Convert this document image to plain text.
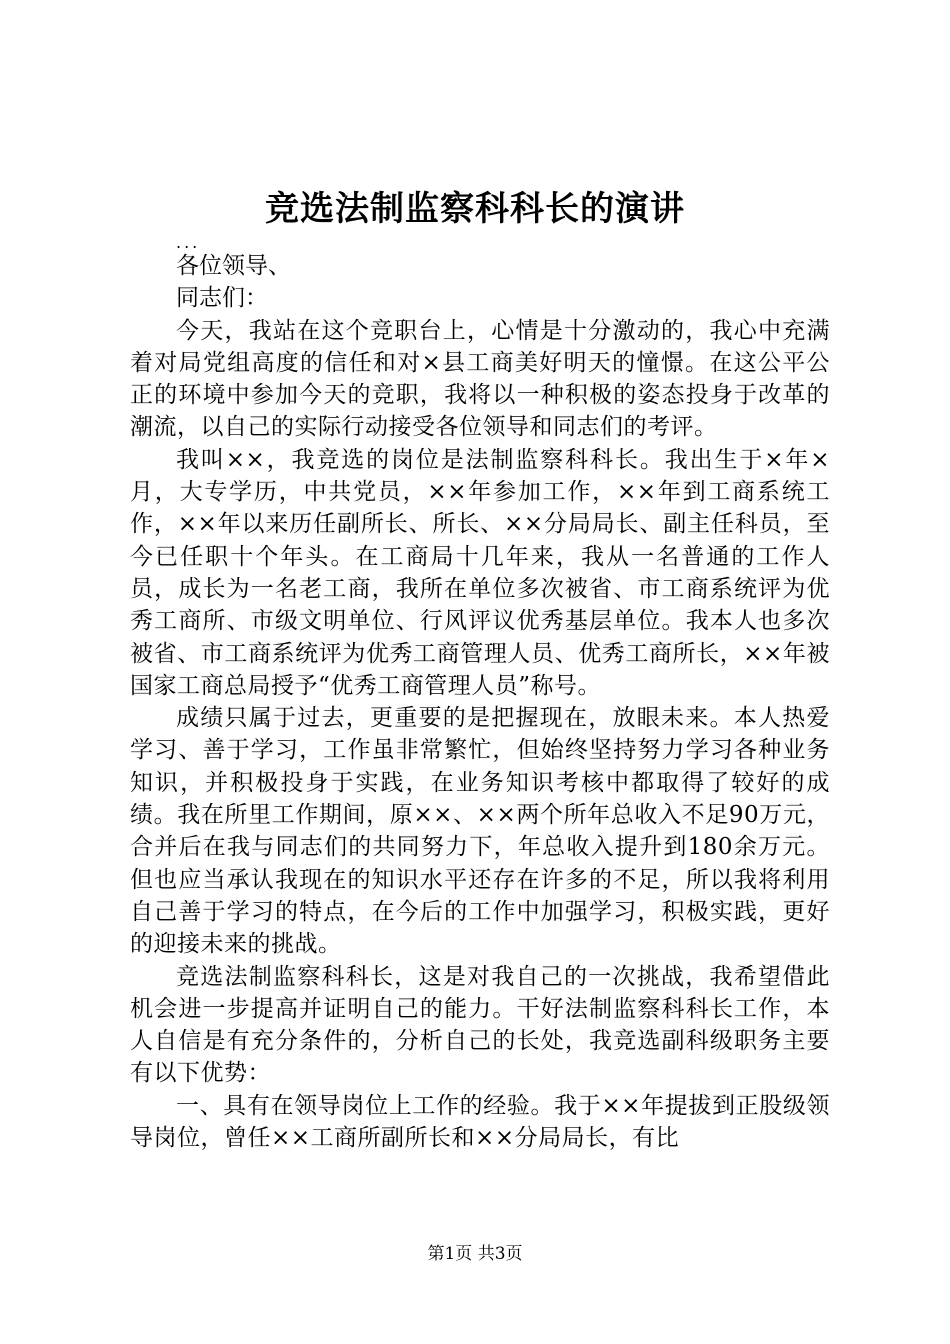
竞选法制监察科科长的演讲

...

各位领导、

同志们：

今天，我站在这个竞职台上，心情是十分激动的，我心中充满着对局党组高度的信任和对×县工商美好明天的憧憬。在这公平公正的环境中参加今天的竞职，我将以一种积极的姿态投身于改革的潮流，以自己的实际行动接受各位领导和同志们的考评。

我叫××，我竞选的岗位是法制监察科科长。我出生于×年×月，大专学历，中共党员，××年参加工作，××年到工商系统工作，××年以来历任副所长、所长、××分局局长、副主任科员，至今已任职十个年头。在工商局十几年来，我从一名普通的工作人员，成长为一名老工商，我所在单位多次被省、市工商系统评为优秀工商所、市级文明单位、行风评议优秀基层单位。我本人也多次被省、市工商系统评为优秀工商管理人员、优秀工商所长，××年被国家工商总局授予“优秀工商管理人员”称号。

成绩只属于过去，更重要的是把握现在，放眼未来。本人热爱学习、善于学习，工作虽非常繁忙，但始终坚持努力学习各种业务知识，并积极投身于实践，在业务知识考核中都取得了较好的成绩。我在所里工作期间，原××、××两个所年总收入不足90万元，合并后在我与同志们的共同努力下，年总收入提升到180余万元。但也应当承认我现在的知识水平还存在许多的不足，所以我将利用自己善于学习的特点，在今后的工作中加强学习，积极实践，更好的迎接未来的挑战。

竞选法制监察科科长，这是对我自己的一次挑战，我希望借此机会进一步提高并证明自己的能力。干好法制监察科科长工作，本人自信是有充分条件的，分析自己的长处，我竞选副科级职务主要有以下优势：

一、具有在领导岗位上工作的经验。我于××年提拔到正股级领导岗位，曾任××工商所副所长和××分局局长，有比

第1页 共3页
